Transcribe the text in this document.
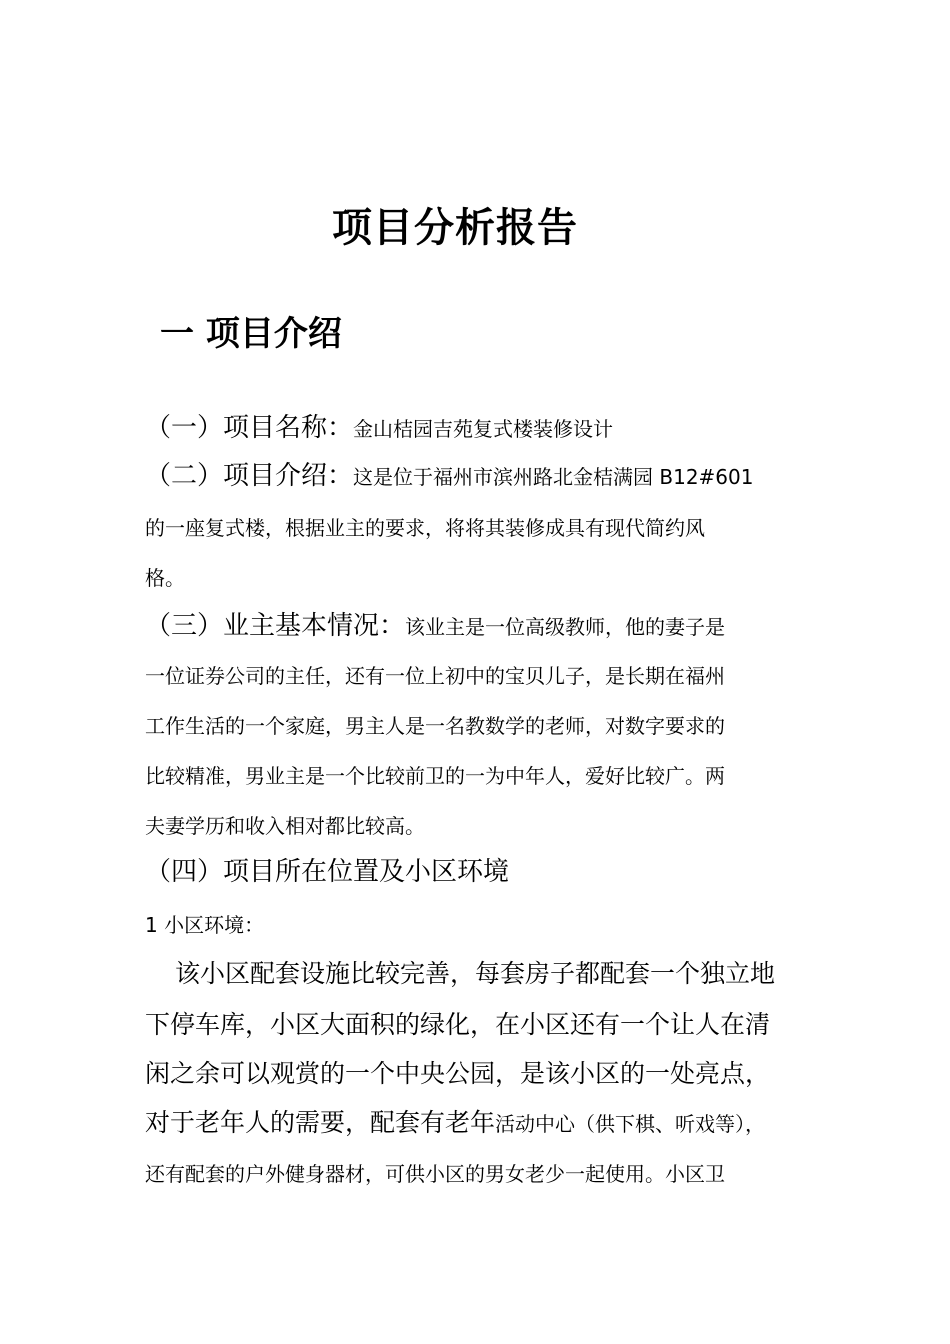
项目分析报告
一 项目介绍
（一）项目名称：金山桔园吉苑复式楼装修设计
（二）项目介绍：这是位于福州市滨州路北金桔满园 B12#601
的一座复式楼，根据业主的要求，将将其装修成具有现代简约风
格。
（三）业主基本情况：该业主是一位高级教师，他的妻子是
一位证券公司的主任，还有一位上初中的宝贝儿子，是长期在福州
工作生活的一个家庭，男主人是一名教数学的老师，对数字要求的
比较精准，男业主是一个比较前卫的一为中年人，爱好比较广。两
夫妻学历和收入相对都比较高。
（四）项目所在位置及小区环境
1 小区环境：
该小区配套设施比较完善，每套房子都配套一个独立地
下停车库，小区大面积的绿化，在小区还有一个让人在清
闲之余可以观赏的一个中央公园，是该小区的一处亮点，
对于老年人的需要，配套有老年活动中心（供下棋、听戏等），
还有配套的户外健身器材，可供小区的男女老少一起使用。小区卫
